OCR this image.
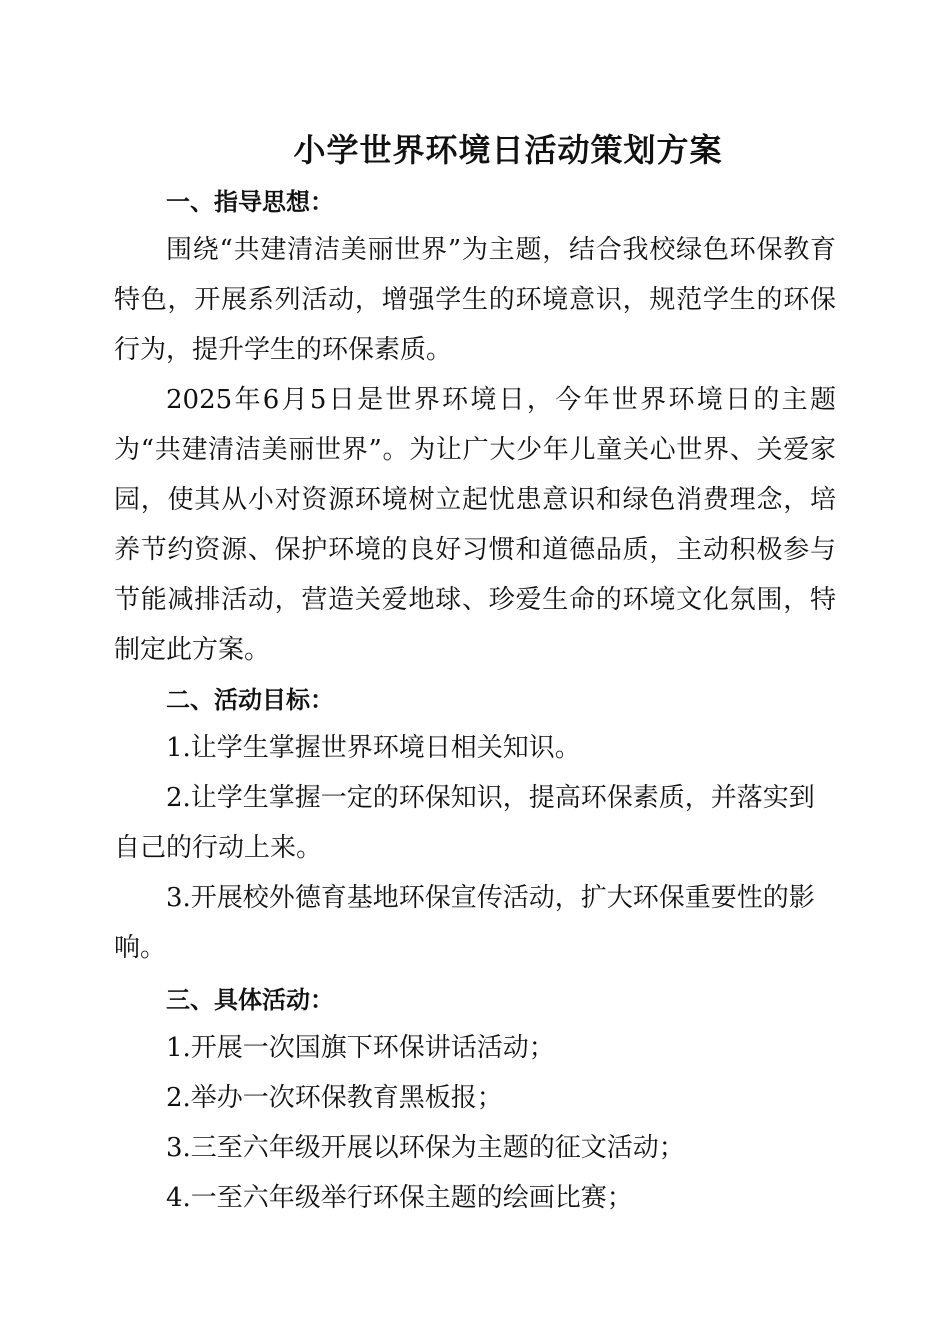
小学世界环境日活动策划方案
一、指导思想：
围绕“共建清洁美丽世界”为主题，结合我校绿色环保教育特色，开展系列活动，增强学生的环境意识，规范学生的环保行为，提升学生的环保素质。
2025年6月5日是世界环境日，今年世界环境日的主题为“共建清洁美丽世界”。为让广大少年儿童关心世界、关爱家园，使其从小对资源环境树立起忧患意识和绿色消费理念，培养节约资源、保护环境的良好习惯和道德品质，主动积极参与节能减排活动，营造关爱地球、珍爱生命的环境文化氛围，特制定此方案。
二、活动目标：
1.让学生掌握世界环境日相关知识。
2.让学生掌握一定的环保知识，提高环保素质，并落实到自己的行动上来。
3.开展校外德育基地环保宣传活动，扩大环保重要性的影响。
三、具体活动：
1.开展一次国旗下环保讲话活动；
2.举办一次环保教育黑板报；
3.三至六年级开展以环保为主题的征文活动；
4.一至六年级举行环保主题的绘画比赛；
